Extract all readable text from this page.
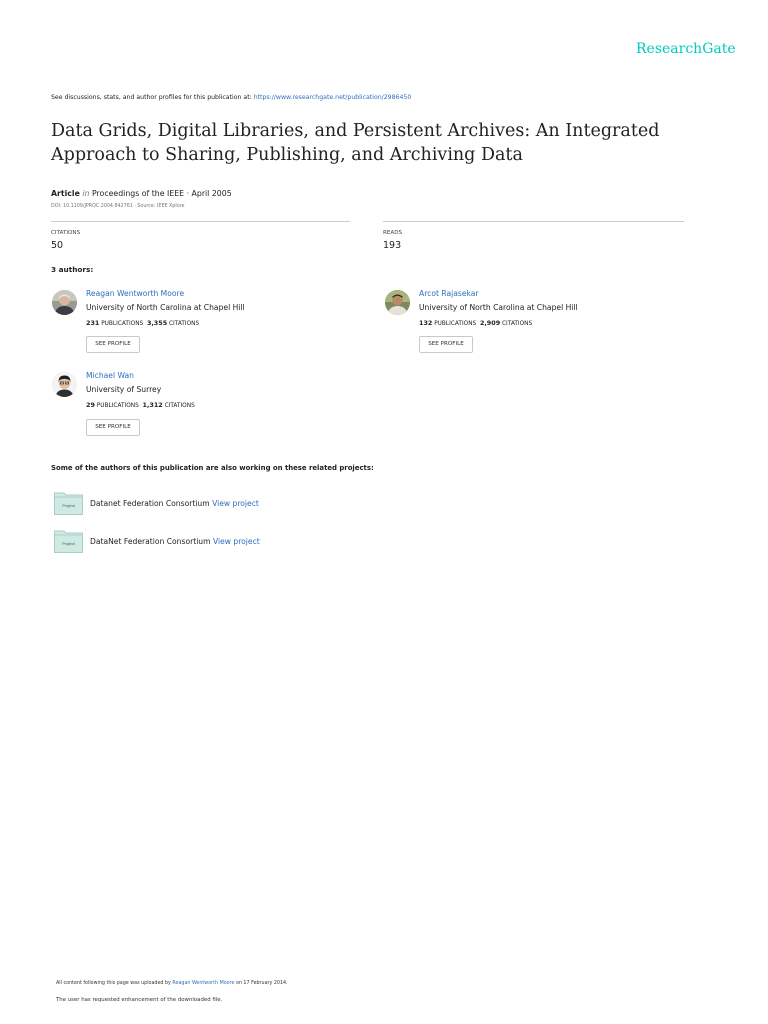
ResearchGate
See discussions, stats, and author profiles for this publication at: https://www.researchgate.net/publication/2986450
Data Grids, Digital Libraries, and Persistent Archives: An Integrated Approach to Sharing, Publishing, and Archiving Data
Article in Proceedings of the IEEE · April 2005
DOI: 10.1109/JPROC.2004.842761 · Source: IEEE Xplore
CITATIONS
50
READS
193
3 authors:
Reagan Wentworth Moore
University of North Carolina at Chapel Hill
231 PUBLICATIONS 3,355 CITATIONS
SEE PROFILE
Arcot Rajasekar
University of North Carolina at Chapel Hill
132 PUBLICATIONS 2,909 CITATIONS
SEE PROFILE
Michael Wan
University of Surrey
29 PUBLICATIONS 1,312 CITATIONS
SEE PROFILE
Some of the authors of this publication are also working on these related projects:
Project Datanet Federation Consortium View project
Project DataNet Federation Consortium View project
All content following this page was uploaded by Reagan Wentworth Moore on 17 February 2014.
The user has requested enhancement of the downloaded file.
